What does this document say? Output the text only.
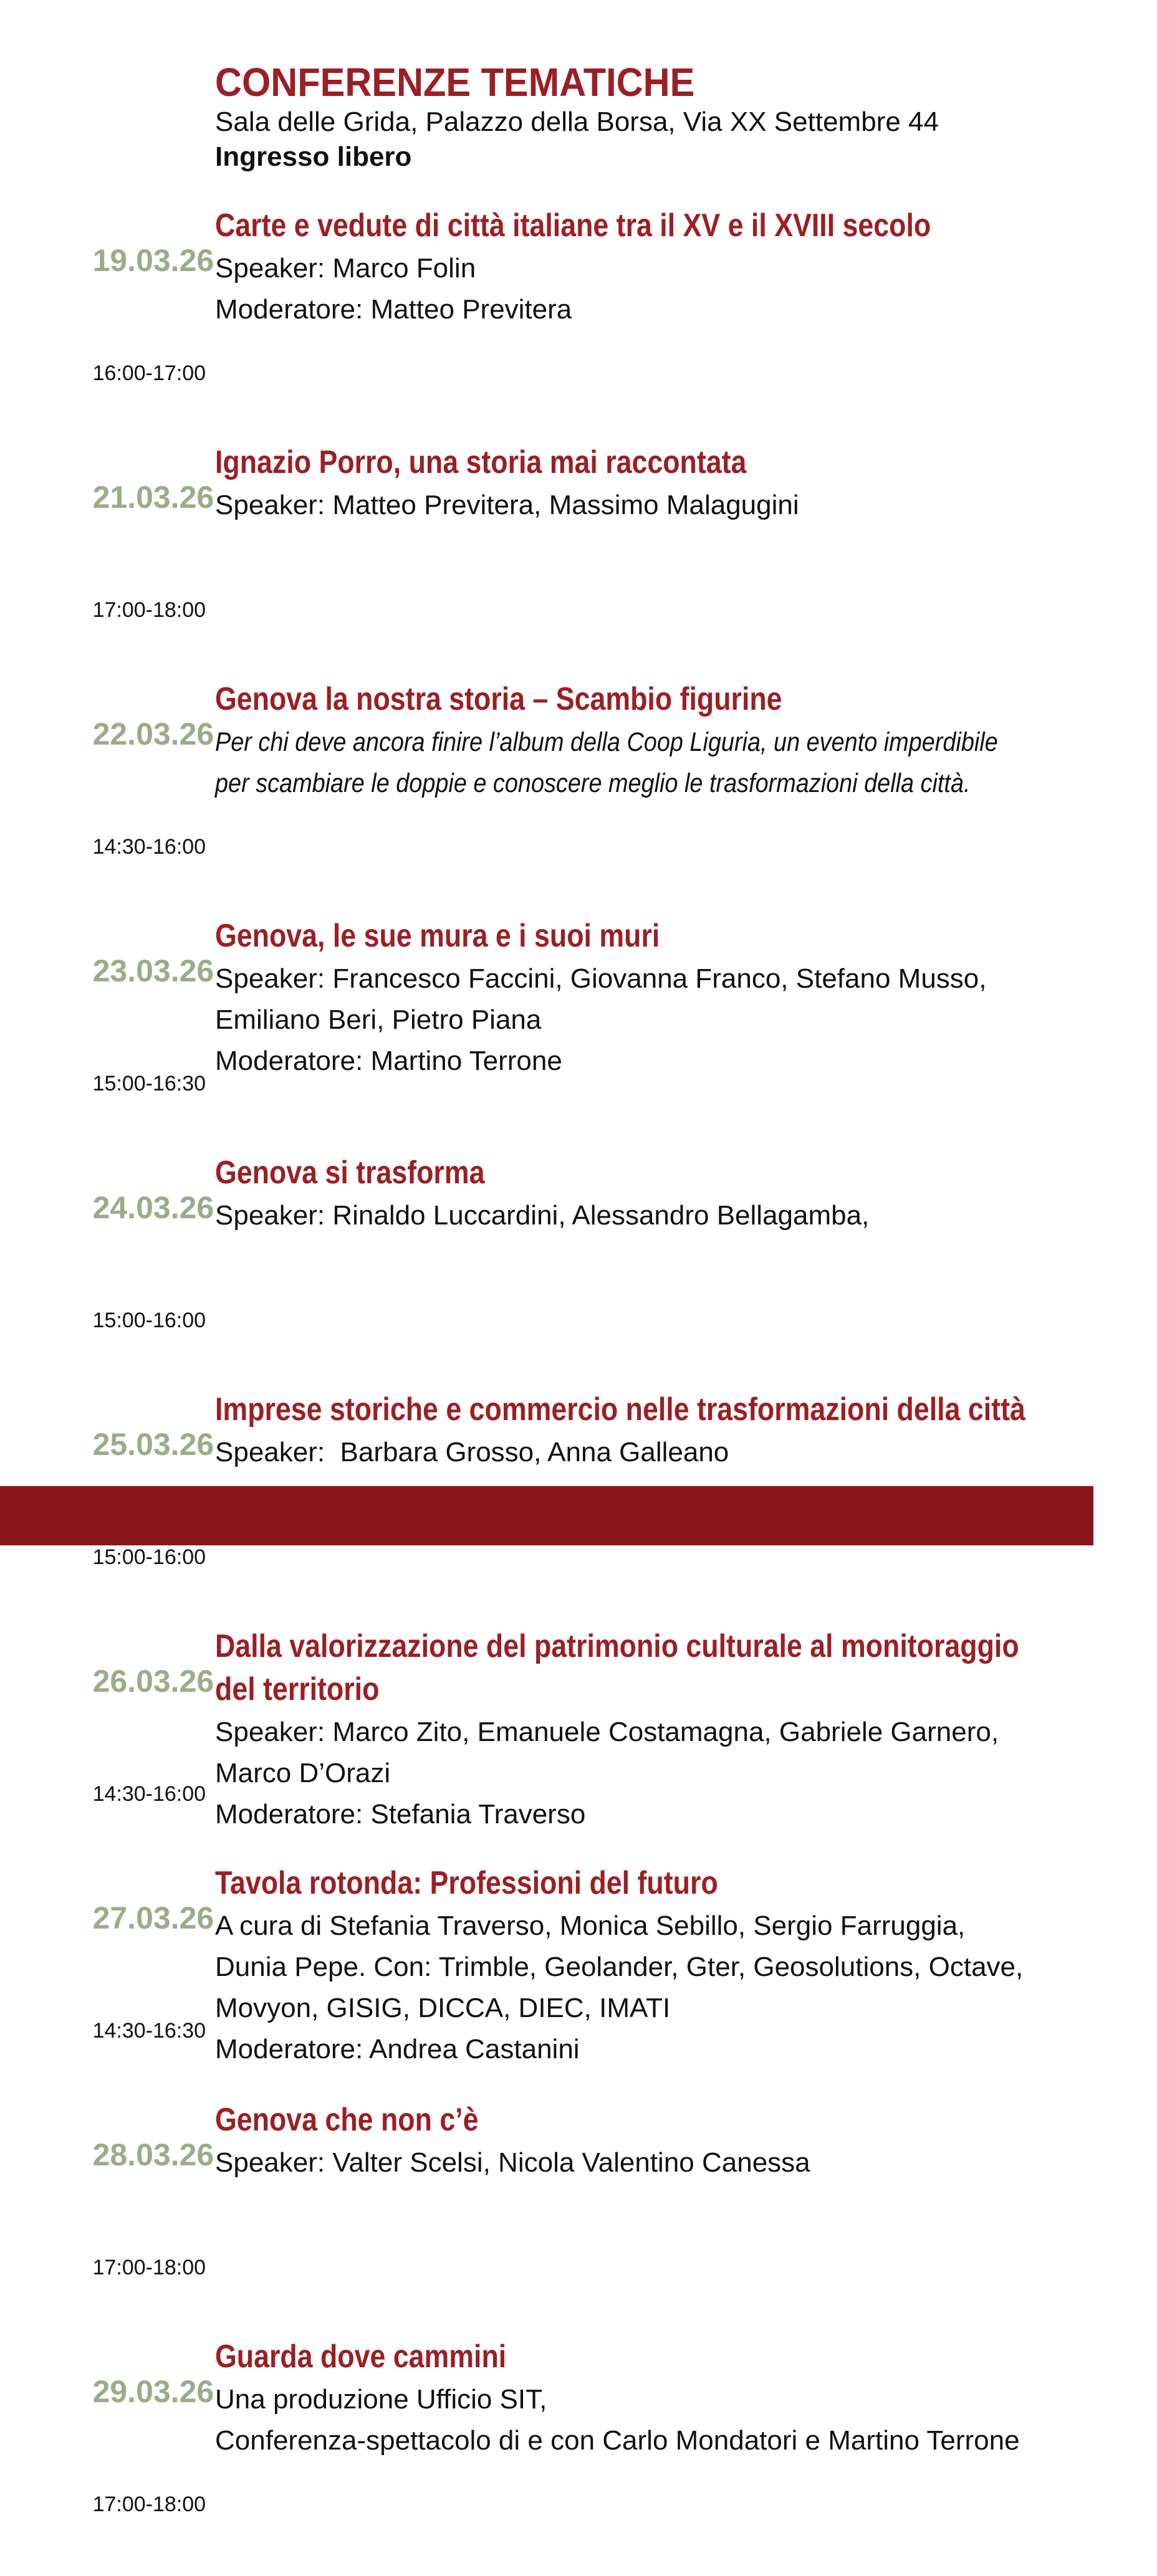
CONFERENZE TEMATICHE
Sala delle Grida, Palazzo della Borsa, Via XX Settembre 44
Ingresso libero

19.03.26

16:00-17:00

Carte e vedute di città italiane tra il XV e il XVIII secolo
Speaker: Marco Folin
Moderatore: Matteo Previtera

21.03.26

17:00-18:00

Ignazio Porro, una storia mai raccontata
Speaker: Matteo Previtera, Massimo Malagugini

22.03.26

14:30-16:00

Genova la nostra storia – Scambio figurine
Per chi deve ancora finire l’album della Coop Liguria, un evento imperdibile
per scambiare le doppie e conoscere meglio le trasformazioni della città.

23.03.26

15:00-16:30

Genova, le sue mura e i suoi muri
Speaker: Francesco Faccini, Giovanna Franco, Stefano Musso,
Emiliano Beri, Pietro Piana
Moderatore: Martino Terrone

24.03.26

15:00-16:00

Genova si trasforma
Speaker: Rinaldo Luccardini, Alessandro Bellagamba,

25.03.26

15:00-16:00

Imprese storiche e commercio nelle trasformazioni della città
Speaker:  Barbara Grosso, Anna Galleano

26.03.26

14:30-16:00

Dalla valorizzazione del patrimonio culturale al monitoraggio
del territorio
Speaker: Marco Zito, Emanuele Costamagna, Gabriele Garnero,
Marco D’Orazi
Moderatore: Stefania Traverso

27.03.26

14:30-16:30

Tavola rotonda: Professioni del futuro
A cura di Stefania Traverso, Monica Sebillo, Sergio Farruggia,
Dunia Pepe. Con: Trimble, Geolander, Gter, Geosolutions, Octave,
Movyon, GISIG, DICCA, DIEC, IMATI
Moderatore: Andrea Castanini

28.03.26

17:00-18:00

Genova che non c’è
Speaker: Valter Scelsi, Nicola Valentino Canessa

29.03.26

17:00-18:00

Guarda dove cammini
Una produzione Ufficio SIT,
Conferenza-spettacolo di e con Carlo Mondatori e Martino Terrone
